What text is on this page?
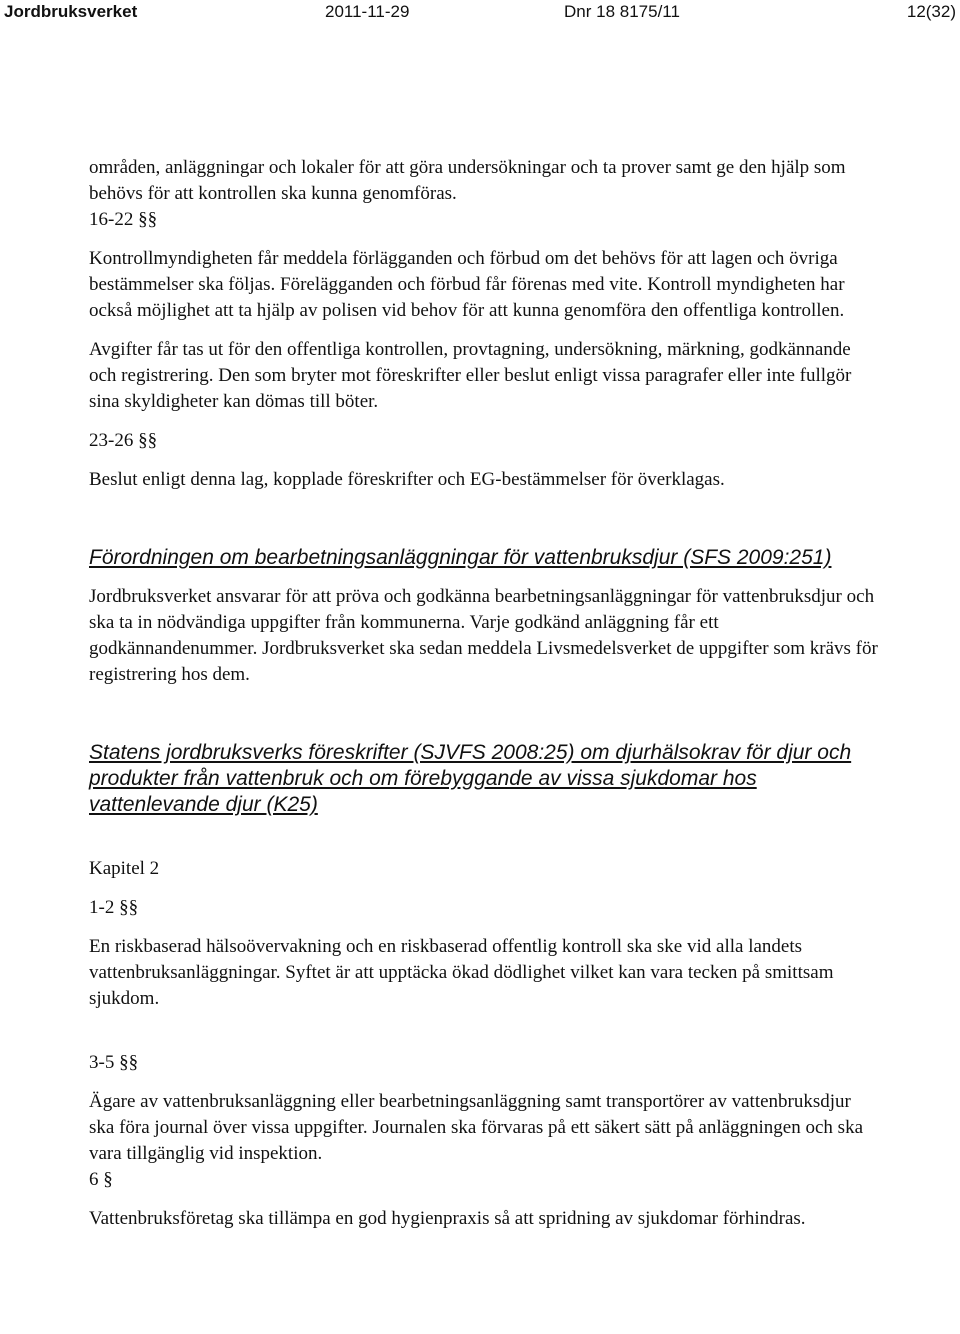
Jordbruksverket	2011-11-29	Dnr 18 8175/11	12(32)

områden, anläggningar och lokaler för att göra undersökningar och ta prover samt ge den hjälp som behövs för att kontrollen ska kunna genomföras.

16-22 §§

Kontrollmyndigheten får meddela förlägganden och förbud om det behövs för att lagen och övriga bestämmelser ska följas. Förelägganden och förbud får förenas med vite. Kontroll myndigheten har också möjlighet att ta hjälp av polisen vid behov för att kunna genomföra den offentliga kontrollen.

Avgifter får tas ut för den offentliga kontrollen, provtagning, undersökning, märkning, godkännande och registrering. Den som bryter mot föreskrifter eller beslut enligt vissa paragrafer eller inte fullgör sina skyldigheter kan dömas till böter.

23-26 §§

Beslut enligt denna lag, kopplade föreskrifter och EG-bestämmelser för överklagas.

Förordningen om bearbetningsanläggningar för vattenbruksdjur (SFS 2009:251)

Jordbruksverket ansvarar för att pröva och godkänna bearbetningsanläggningar för vattenbruksdjur och ska ta in nödvändiga uppgifter från kommunerna. Varje godkänd anläggning får ett godkännandenummer. Jordbruksverket ska sedan meddela Livsmedelsverket de uppgifter som krävs för registrering hos dem.

Statens jordbruksverks föreskrifter (SJVFS 2008:25) om djurhälsokrav för djur och produkter från vattenbruk och om förebyggande av vissa sjukdomar hos vattenlevande djur (K25)

Kapitel 2

1-2 §§

En riskbaserad hälsoövervakning och en riskbaserad offentlig kontroll ska ske vid alla landets vattenbruksanläggningar. Syftet är att upptäcka ökad dödlighet vilket kan vara tecken på smittsam sjukdom.

3-5 §§

Ägare av vattenbruksanläggning eller bearbetningsanläggning samt transportörer av vattenbruksdjur ska föra journal över vissa uppgifter. Journalen ska förvaras på ett säkert sätt på anläggningen och ska vara tillgänglig vid inspektion.

6 §

Vattenbruksföretag ska tillämpa en god hygienpraxis så att spridning av sjukdomar förhindras.
